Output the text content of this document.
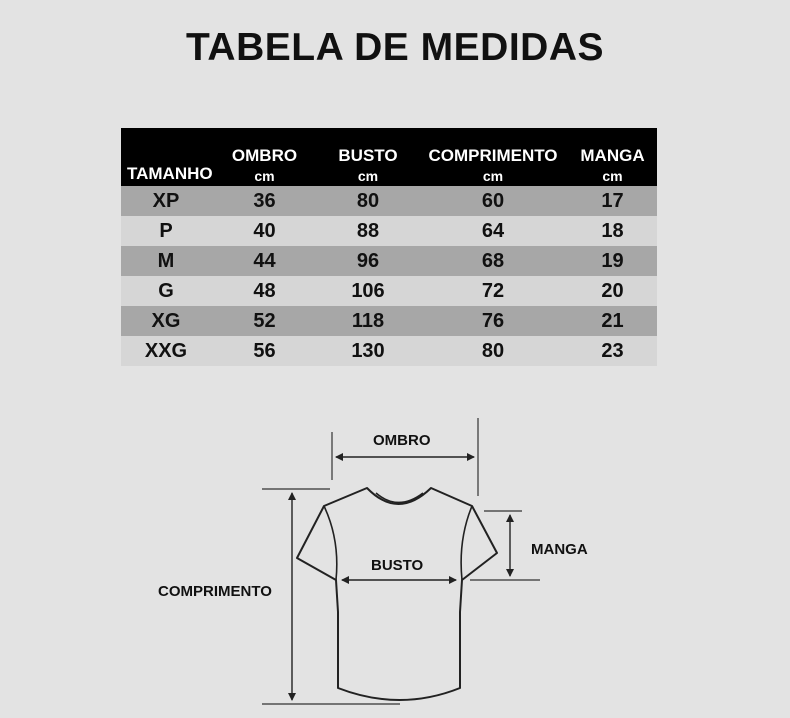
TABELA DE MEDIDAS
TAMANHO	OMBRO	BUSTO	COMPRIMENTO	MANGA
	cm	cm	cm	cm
XP	36	80	60	17
P	40	88	64	18
M	44	96	68	19
G	48	106	72	20
XG	52	118	76	21
XXG	56	130	80	23
OMBRO
BUSTO
MANGA
COMPRIMENTO
